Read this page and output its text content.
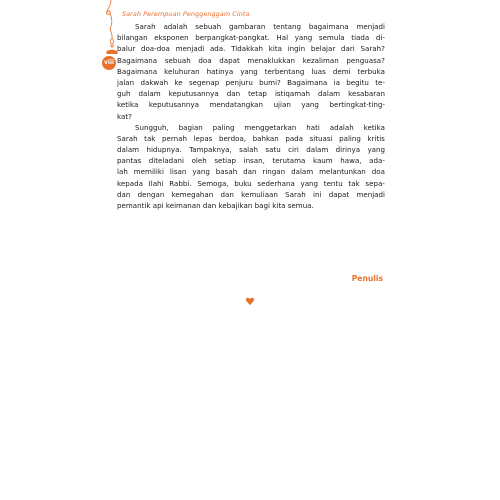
Sarah Perempuan Penggenggam Cinta
viii
Sarah adalah sebuah gambaran tentang bagaimana menjadi
bilangan eksponen berpangkat-pangkat. Hal yang semula tiada di-
balur doa-doa menjadi ada. Tidakkah kita ingin belajar dari Sarah?
Bagaimana sebuah doa dapat menaklukkan kezaliman penguasa?
Bagaimana keluhuran hatinya yang terbentang luas demi terbuka
jalan dakwah ke segenap penjuru bumi? Bagaimana ia begitu te-
guh dalam keputusannya dan tetap istiqamah dalam kesabaran
ketika keputusannya mendatangkan ujian yang bertingkat-ting-
kat?
Sungguh, bagian paling menggetarkan hati adalah ketika
Sarah tak pernah lepas berdoa, bahkan pada situasi paling kritis
dalam hidupnya. Tampaknya, salah satu ciri dalam dirinya yang
pantas diteladani oleh setiap insan, terutama kaum hawa, ada-
lah memiliki lisan yang basah dan ringan dalam melantunkan doa
kepada Ilahi Rabbi. Semoga, buku sederhana yang tentu tak sepa-
dan dengan kemegahan dan kemuliaan Sarah ini dapat menjadi
pemantik
api
keimanan
dan
kebajikan
bagi
kita
semua.
Penulis
